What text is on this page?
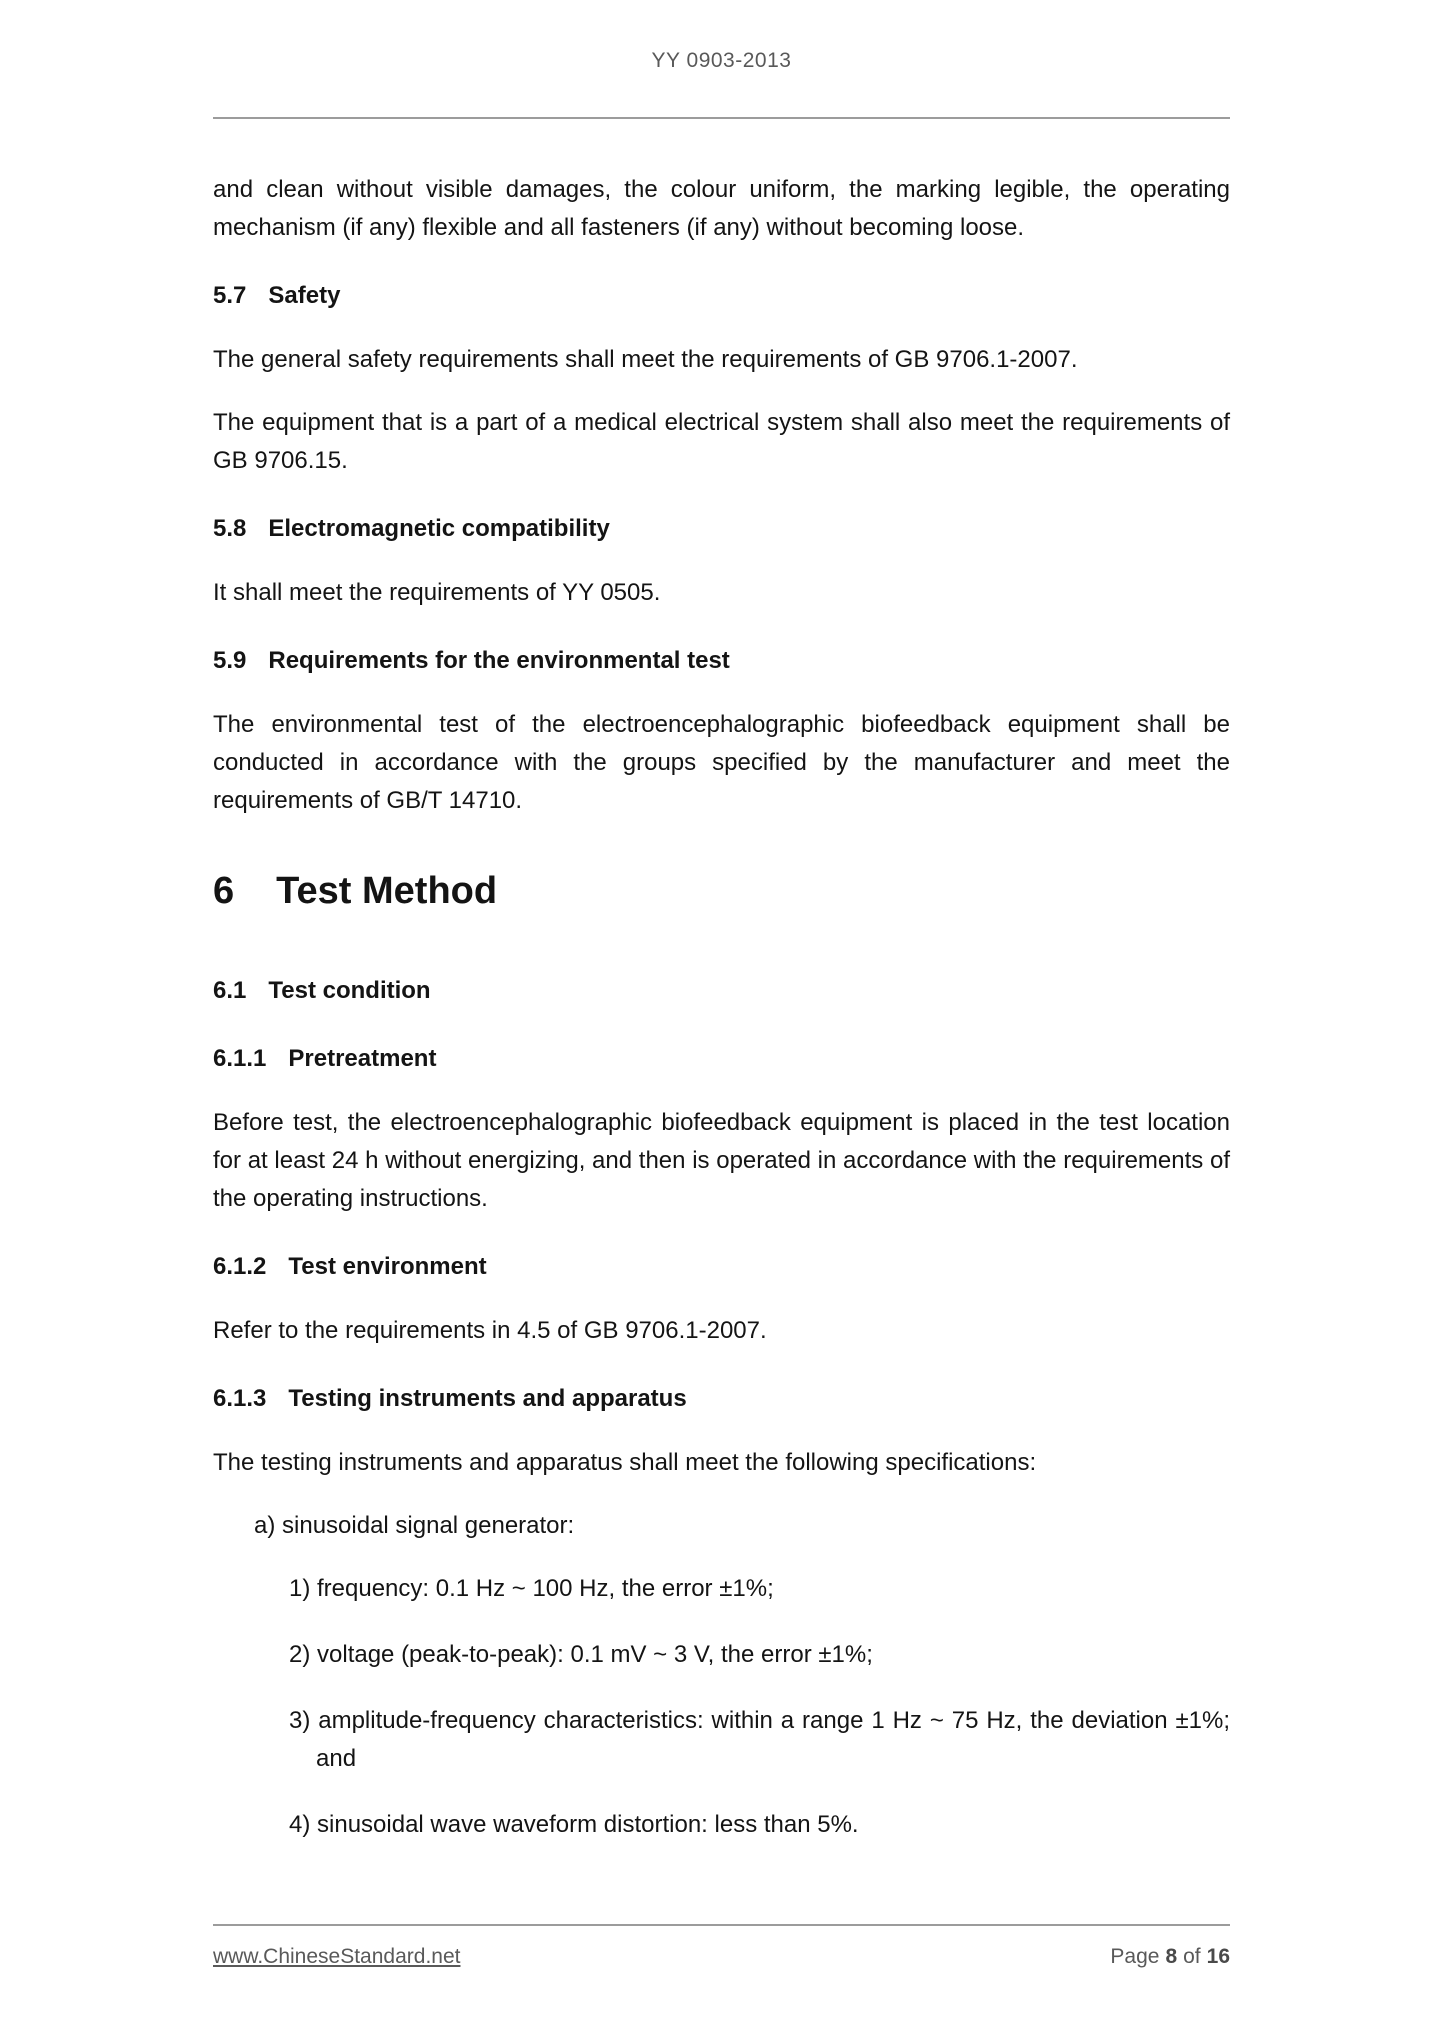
YY 0903-2013

and clean without visible damages, the colour uniform, the marking legible, the operating mechanism (if any) flexible and all fasteners (if any) without becoming loose.

5.7 Safety

The general safety requirements shall meet the requirements of GB 9706.1-2007.

The equipment that is a part of a medical electrical system shall also meet the requirements of GB 9706.15.

5.8 Electromagnetic compatibility

It shall meet the requirements of YY 0505.

5.9 Requirements for the environmental test

The environmental test of the electroencephalographic biofeedback equipment shall be conducted in accordance with the groups specified by the manufacturer and meet the requirements of GB/T 14710.

6 Test Method
6.1 Test condition
6.1.1 Pretreatment

Before test, the electroencephalographic biofeedback equipment is placed in the test location for at least 24 h without energizing, and then is operated in accordance with the requirements of the operating instructions.

6.1.2 Test environment

Refer to the requirements in 4.5 of GB 9706.1-2007.

6.1.3 Testing instruments and apparatus

The testing instruments and apparatus shall meet the following specifications:

a) sinusoidal signal generator:

1) frequency: 0.1 Hz ~ 100 Hz, the error ±1%;

2) voltage (peak-to-peak): 0.1 mV ~ 3 V, the error ±1%;

3) amplitude-frequency characteristics: within a range 1 Hz ~ 75 Hz, the deviation ±1%; and

4) sinusoidal wave waveform distortion: less than 5%.

www.ChineseStandard.net	Page 8 of 16
